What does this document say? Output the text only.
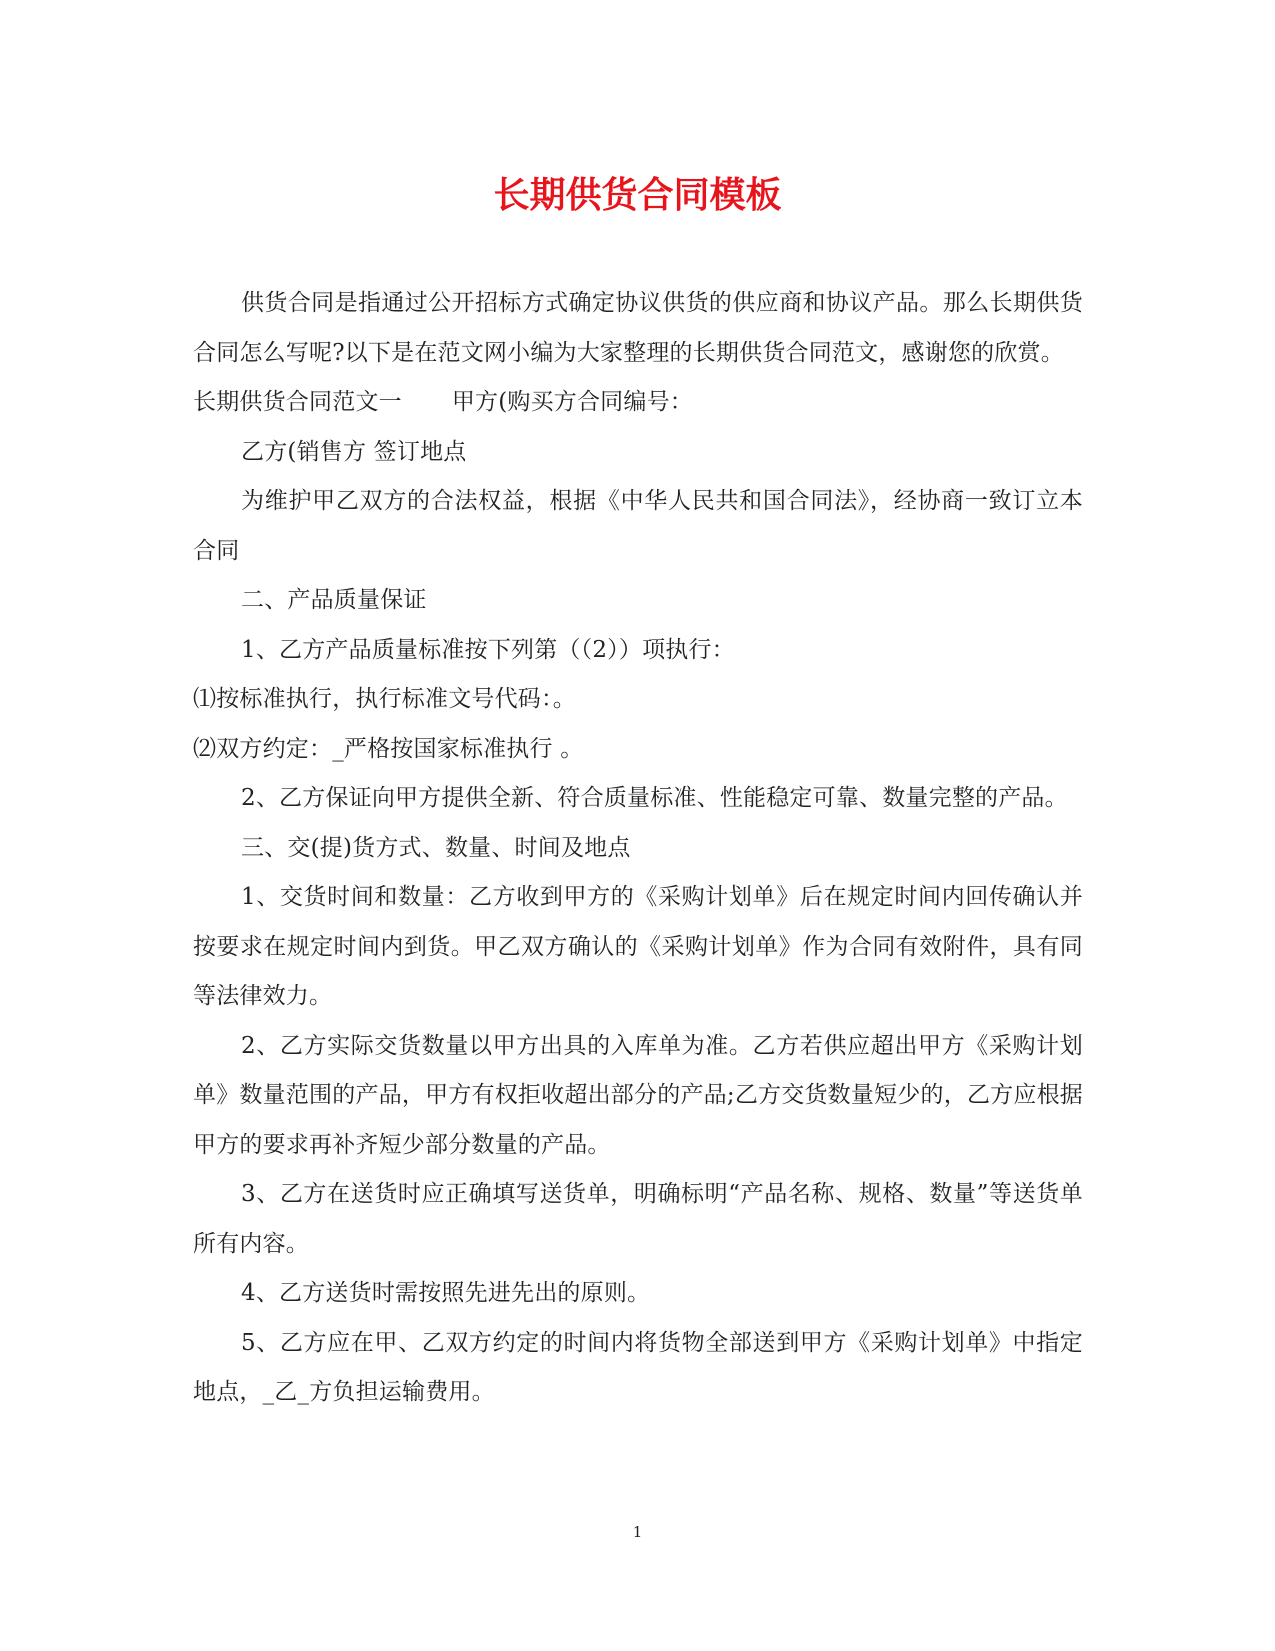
长期供货合同模板

供货合同是指通过公开招标方式确定协议供货的供应商和协议产品。那么长期供货合同怎么写呢?以下是在范文网小编为大家整理的长期供货合同范文，感谢您的欣赏。

长期供货合同范文一 甲方(购买方合同编号：

乙方(销售方 签订地点

为维护甲乙双方的合法权益，根据《中华人民共和国合同法》，经协商一致订立本合同

二、产品质量保证

1、乙方产品质量标准按下列第（（2））项执行：

⑴按标准执行，执行标准文号代码：。

⑵双方约定：_严格按国家标准执行 。

2、乙方保证向甲方提供全新、符合质量标准、性能稳定可靠、数量完整的产品。

三、交(提)货方式、数量、时间及地点

1、交货时间和数量：乙方收到甲方的《采购计划单》后在规定时间内回传确认并按要求在规定时间内到货。甲乙双方确认的《采购计划单》作为合同有效附件，具有同等法律效力。

2、乙方实际交货数量以甲方出具的入库单为准。乙方若供应超出甲方《采购计划单》数量范围的产品，甲方有权拒收超出部分的产品;乙方交货数量短少的，乙方应根据甲方的要求再补齐短少部分数量的产品。

3、乙方在送货时应正确填写送货单，明确标明“产品名称、规格、数量”等送货单所有内容。

4、乙方送货时需按照先进先出的原则。

5、乙方应在甲、乙双方约定的时间内将货物全部送到甲方《采购计划单》中指定地点，_乙_方负担运输费用。

1
